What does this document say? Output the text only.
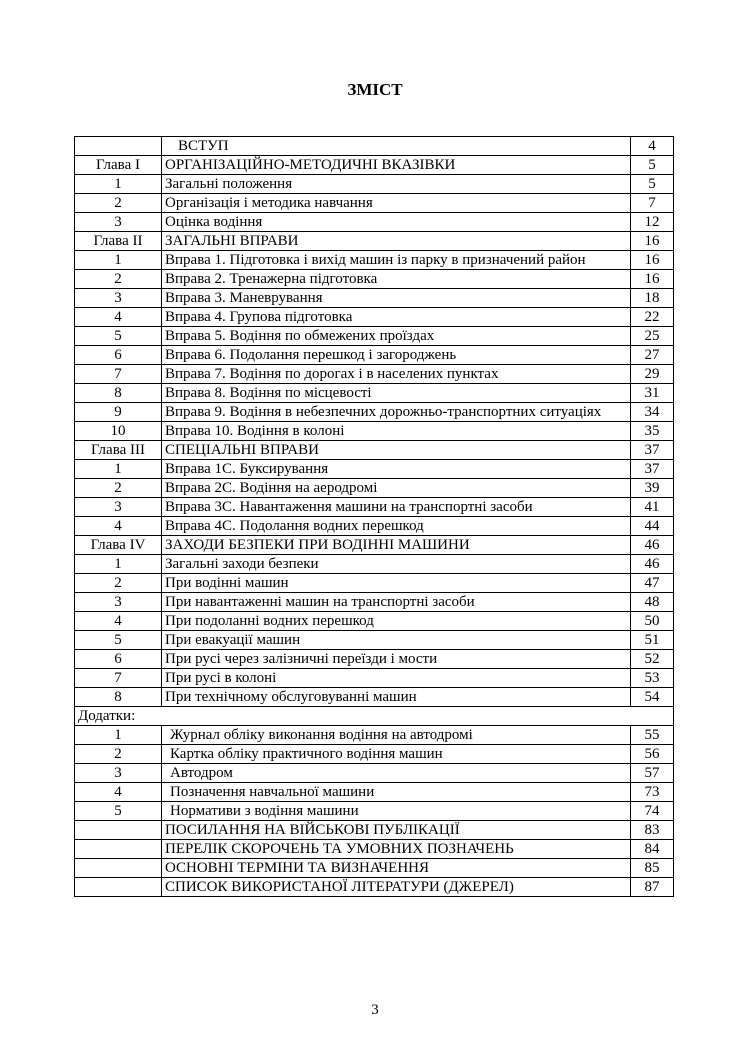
ЗМІСТ
	ВСТУП	4
Глава І	ОРГАНІЗАЦІЙНО-МЕТОДИЧНІ ВКАЗІВКИ	5
1	Загальні положення	5
2	Організація і методика навчання	7
3	Оцінка водіння	12
Глава ІІ	ЗАГАЛЬНІ ВПРАВИ	16
1	Вправа 1. Підготовка і вихід машин із парку в призначений район	16
2	Вправа 2. Тренажерна підготовка	16
3	Вправа 3. Маневрування	18
4	Вправа 4. Групова підготовка	22
5	Вправа 5. Водіння по обмежених проїздах	25
6	Вправа 6. Подолання перешкод і загороджень	27
7	Вправа 7. Водіння по дорогах і в населених пунктах	29
8	Вправа 8. Водіння по місцевості	31
9	Вправа 9. Водіння в небезпечних дорожньо-транспортних ситуаціях	34
10	Вправа 10. Водіння в колоні	35
Глава ІІІ	СПЕЦІАЛЬНІ ВПРАВИ	37
1	Вправа 1С. Буксирування	37
2	Вправа 2С. Водіння на аеродромі	39
3	Вправа 3С. Навантаження машини на транспортні засоби	41
4	Вправа 4С. Подолання водних перешкод	44
Глава IV	ЗАХОДИ БЕЗПЕКИ ПРИ ВОДІННІ МАШИНИ	46
1	Загальні заходи безпеки	46
2	При водінні машин	47
3	При навантаженні машин на транспортні засоби	48
4	При подоланні водних перешкод	50
5	При евакуації машин	51
6	При русі через залізничні переїзди і мости	52
7	При русі в колоні	53
8	При технічному обслуговуванні машин	54
Додатки:		
1	Журнал обліку виконання водіння на автодромі	55
2	Картка обліку практичного водіння машин	56
3	Автодром	57
4	Позначення навчальної машини	73
5	Нормативи з водіння машини	74
	ПОСИЛАННЯ НА ВІЙСЬКОВІ ПУБЛІКАЦІЇ	83
	ПЕРЕЛІК СКОРОЧЕНЬ ТА УМОВНИХ ПОЗНАЧЕНЬ	84
	ОСНОВНІ ТЕРМІНИ ТА ВИЗНАЧЕННЯ	85
	СПИСОК ВИКОРИСТАНОЇ ЛІТЕРАТУРИ (ДЖЕРЕЛ)	87
3
